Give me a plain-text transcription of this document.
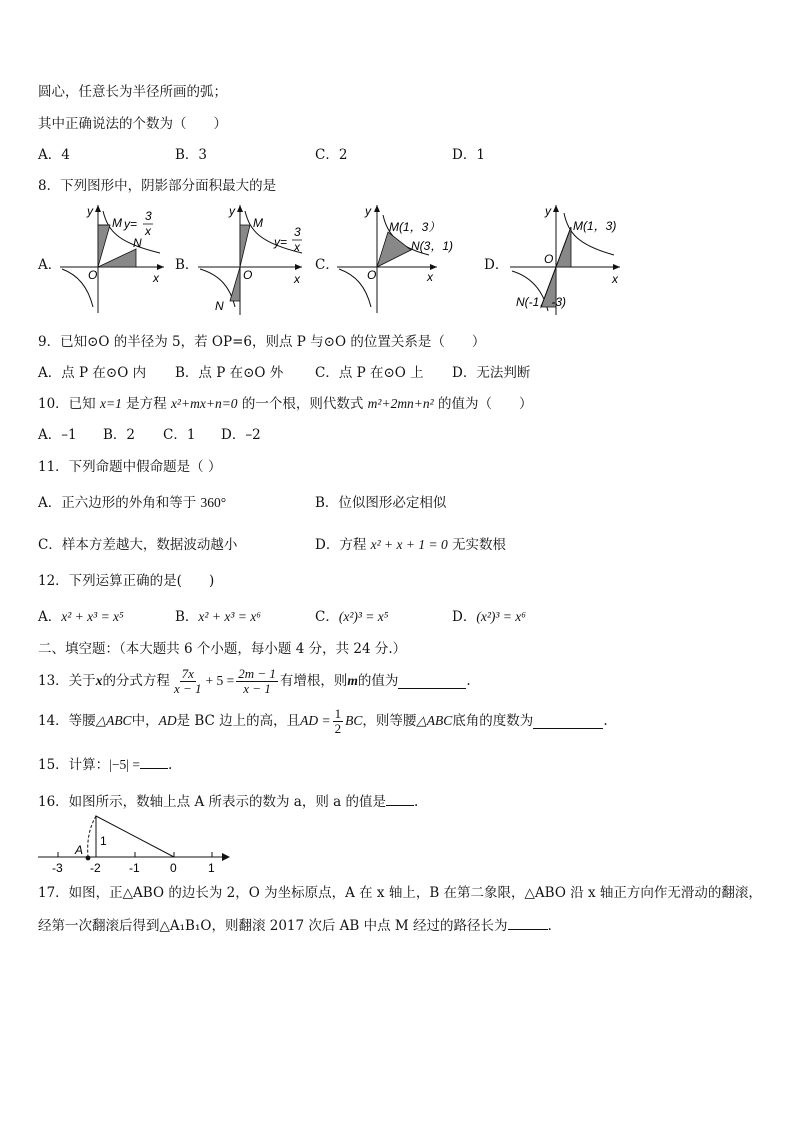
圆心，任意长为半径所画的弧；
其中正确说法的个数为（　　）
A．4	B．3	C．2	D．1
8．下列图形中，阴影部分面积最大的是
A．	B．	C．	D．
y
x
O
M
N
y=
3
x
y
x
O
M
N
y=
3
x
y
x
O
M(1，3）
N(3，1)
y
x
O
M(1，3)
N(-1，-3)
9．已知⊙O 的半径为 5，若 OP=6，则点 P 与⊙O 的位置关系是（　　）
A．点 P 在⊙O 内 B．点 P 在⊙O 外 C．点 P 在⊙O 上 D．无法判断
10．已知 x=1 是方程 x²+mx+n=0 的一个根，则代数式 m²+2mn+n² 的值为（　　）
A．–1 B．2 C．1 D．–2
11．下列命题中假命题是（ ）
A．正六边形的外角和等于 360°	B．位似图形必定相似
C．样本方差越大，数据波动越小	D．方程 x² + x + 1 = 0 无实数根
12．下列运算正确的是(　　)
A．x² + x³ = x⁵	B．x² + x³ = x⁶	C．(x²)³ = x⁵	D．(x²)³ = x⁶
二、填空题：（本大题共 6 个小题，每小题 4 分，共 24 分.）
13．关于 x 的分式方程 $\frac{7x}{x - 1} + 5 = \frac{2m - 1}{x - 1}$ 有增根，则 m 的值为	.
14．等腰 △ABC 中， AD 是 BC 边上的高，且 AD = $\frac{1}{2}$ BC ，则等腰 △ABC 底角的度数为	.
15．计算：|−5| = .
16．如图所示，数轴上点 A 所表示的数为 a，则 a 的值是 .
1
A
-3 -2 -1	0	1
17．如图，正△ABO 的边长为 2，O 为坐标原点，A 在 x 轴上，B 在第二象限，△ABO 沿 x 轴正方向作无滑动的翻滚，
经第一次翻滚后得到△A₁B₁O，则翻滚 2017 次后 AB 中点 M 经过的路径长为	.
